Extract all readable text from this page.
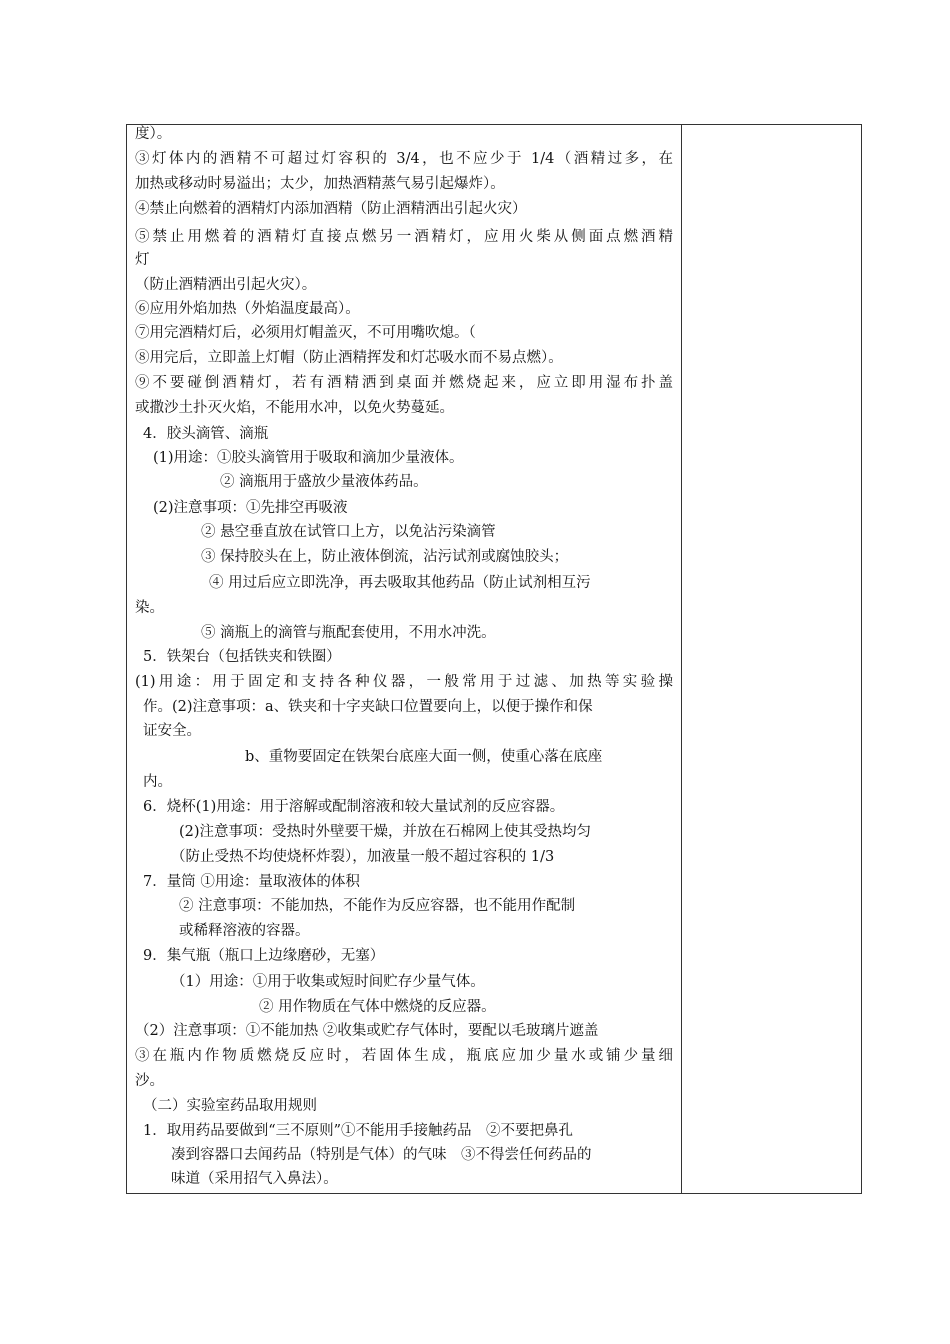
度）。
③灯体内的酒精不可超过灯容积的 3/4，也不应少于 1/4（酒精过多，在
加热或移动时易溢出；太少，加热酒精蒸气易引起爆炸）。
④禁止向燃着的酒精灯内添加酒精（防止酒精洒出引起火灾）
⑤禁止用燃着的酒精灯直接点燃另一酒精灯，应用火柴从侧面点燃酒精
灯
（防止酒精洒出引起火灾）。
⑥应用外焰加热（外焰温度最高）。
⑦用完酒精灯后，必须用灯帽盖灭，不可用嘴吹熄。（
⑧用完后，立即盖上灯帽（防止酒精挥发和灯芯吸水而不易点燃）。
⑨不要碰倒酒精灯，若有酒精洒到桌面并燃烧起来，应立即用湿布扑盖
或撒沙土扑灭火焰，不能用水冲，以免火势蔓延。
4．胶头滴管、滴瓶
(1)用途：①胶头滴管用于吸取和滴加少量液体。
② 滴瓶用于盛放少量液体药品。
(2)注意事项：①先排空再吸液
② 悬空垂直放在试管口上方，以免沾污染滴管
③ 保持胶头在上，防止液体倒流，沾污试剂或腐蚀胶头；
④ 用过后应立即洗净，再去吸取其他药品（防止试剂相互污
染。
⑤ 滴瓶上的滴管与瓶配套使用，不用水冲洗。
5．铁架台（包括铁夹和铁圈）
(1)用途：用于固定和支持各种仪器，一般常用于过滤、加热等实验操
作。(2)注意事项：a、铁夹和十字夹缺口位置要向上，以便于操作和保
证安全。
b、重物要固定在铁架台底座大面一侧，使重心落在底座
内。
6．烧杯(1)用途：用于溶解或配制溶液和较大量试剂的反应容器。
(2)注意事项：受热时外壁要干燥，并放在石棉网上使其受热均匀
（防止受热不均使烧杯炸裂），加液量一般不超过容积的 1/3
7．量筒 ①用途：量取液体的体积
② 注意事项：不能加热，不能作为反应容器，也不能用作配制
或稀释溶液的容器。
9．集气瓶（瓶口上边缘磨砂，无塞）
（1）用途：①用于收集或短时间贮存少量气体。
② 用作物质在气体中燃烧的反应器。
（2）注意事项：①不能加热 ②收集或贮存气体时，要配以毛玻璃片遮盖
③在瓶内作物质燃烧反应时，若固体生成，瓶底应加少量水或铺少量细
沙。
（二）实验室药品取用规则
1．取用药品要做到“三不原则”①不能用手接触药品　②不要把鼻孔
凑到容器口去闻药品（特别是气体）的气味　③不得尝任何药品的
味道（采用招气入鼻法）。
